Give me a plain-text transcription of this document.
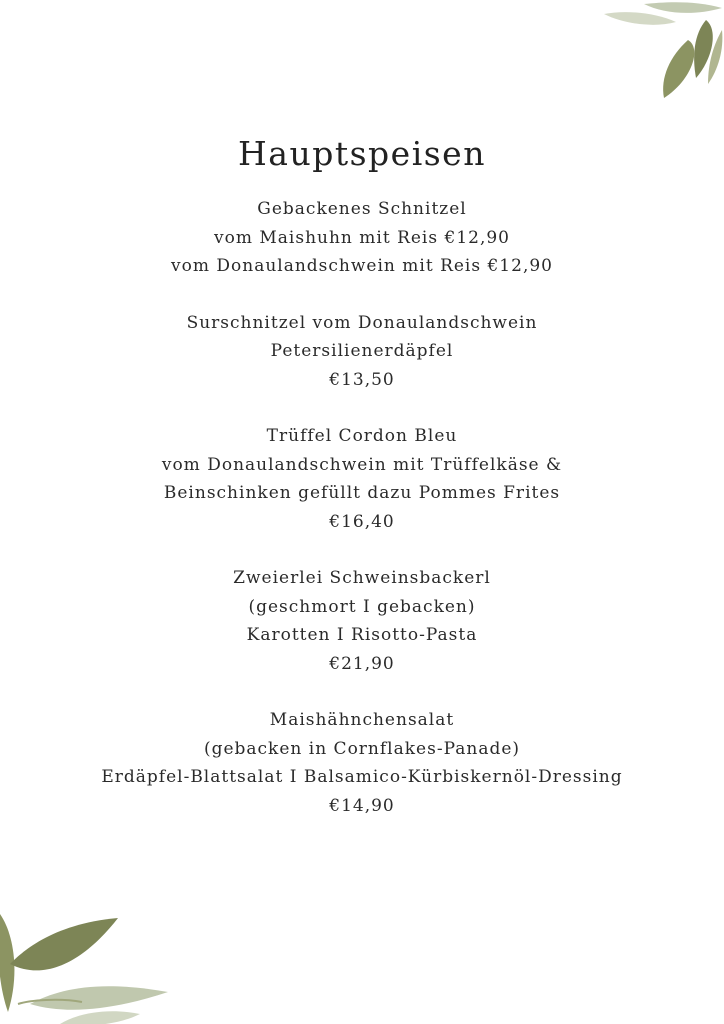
Hauptspeisen
Gebackenes Schnitzel
vom Maishuhn mit Reis €12,90
vom Donaulandschwein mit Reis €12,90
Surschnitzel vom Donaulandschwein
Petersilienerdäpfel
€13,50
Trüffel Cordon Bleu
vom Donaulandschwein mit Trüffelkäse &
Beinschinken gefüllt dazu Pommes Frites
€16,40
Zweierlei Schweinsbackerl
(geschmort I gebacken)
Karotten I Risotto-Pasta
€21,90
Maishähnchensalat
(gebacken in Cornflakes-Panade)
Erdäpfel-Blattsalat I Balsamico-Kürbiskernöl-Dressing
€14,90
